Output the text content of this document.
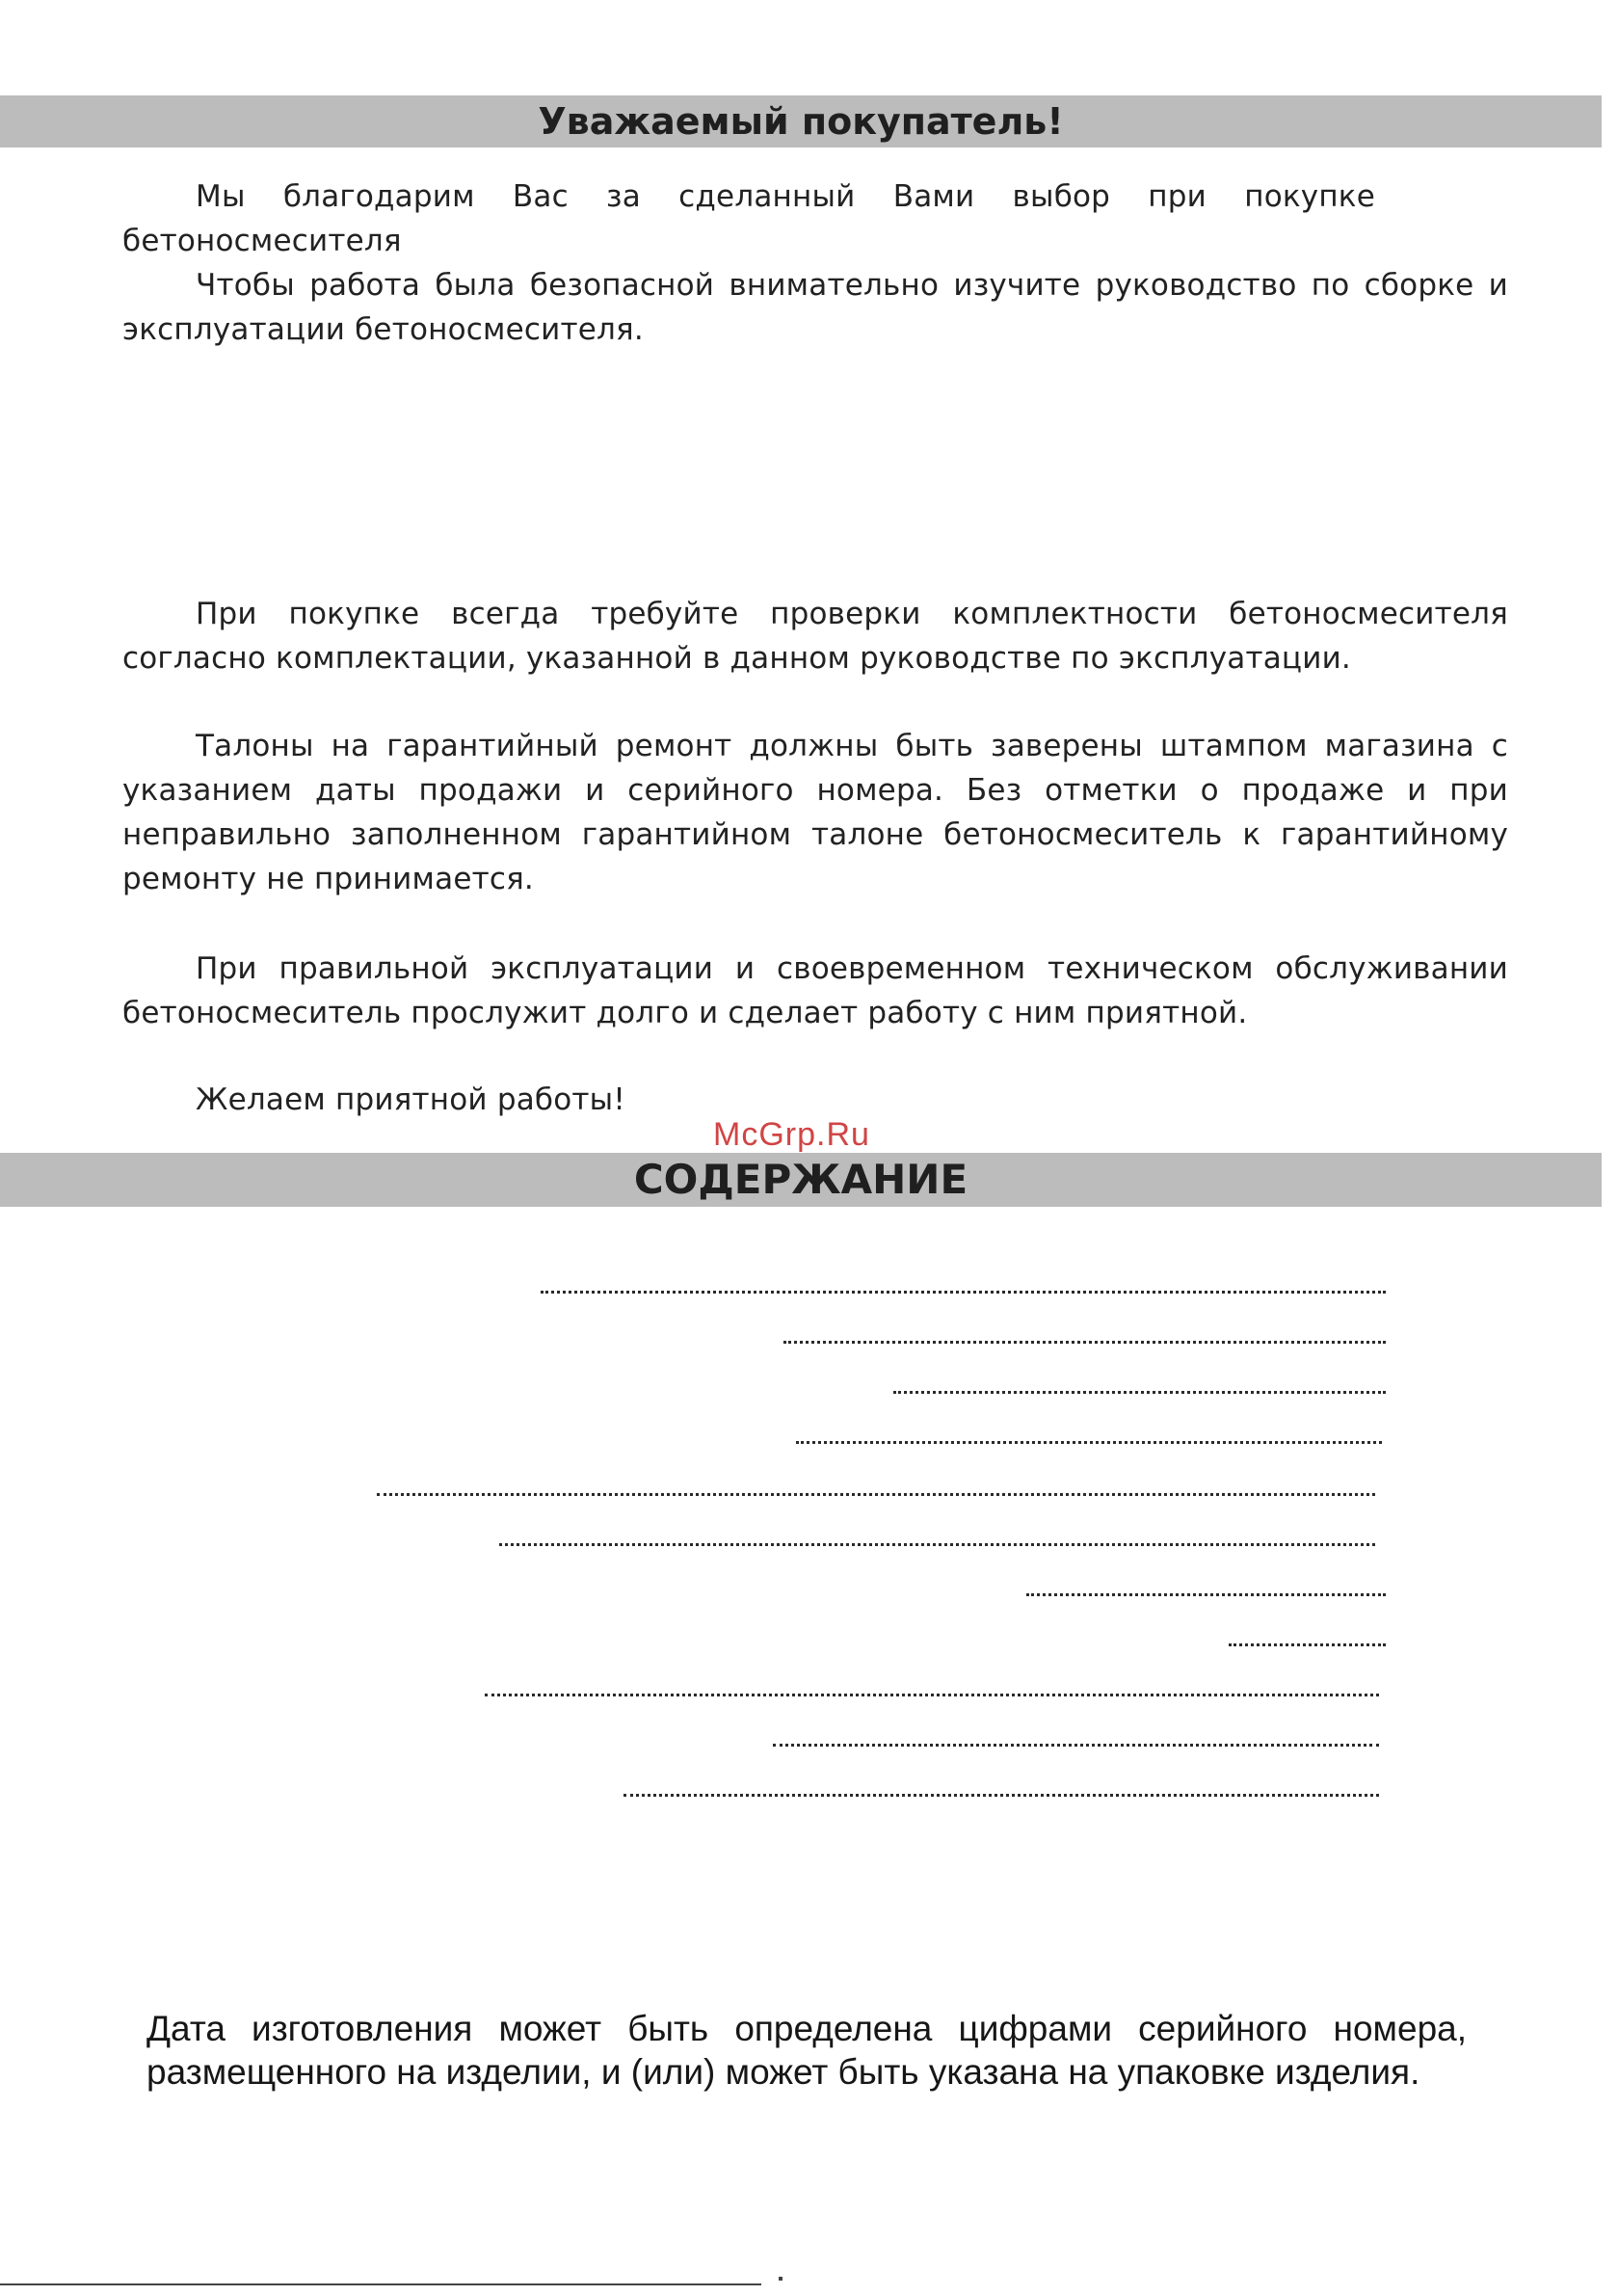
Уважаемый покупатель!

Мы благодарим Вас за сделанный Вами выбор при покупке бетоносмесителя

Чтобы работа была безопасной внимательно изучите руководство по сборке и эксплуатации бетоносмесителя.

При покупке всегда требуйте проверки комплектности бетоносмесителя согласно комплектации, указанной в данном руководстве по эксплуатации.

Талоны на гарантийный ремонт должны быть заверены штампом магазина с указанием даты продажи и серийного номера. Без отметки о продаже и при неправильно заполненном гарантийном талоне бетоносмеситель к гарантийному ремонту не принимается.

При правильной эксплуатации и своевременном техническом обслуживании бетоносмеситель прослужит долго и сделает работу с ним приятной.

Желаем приятной работы!

СОДЕРЖАНИЕ
McGrp.Ru

Дата изготовления может быть определена цифрами серийного номера, размещенного на изделии, и (или) может быть указана на упаковке изделия.
